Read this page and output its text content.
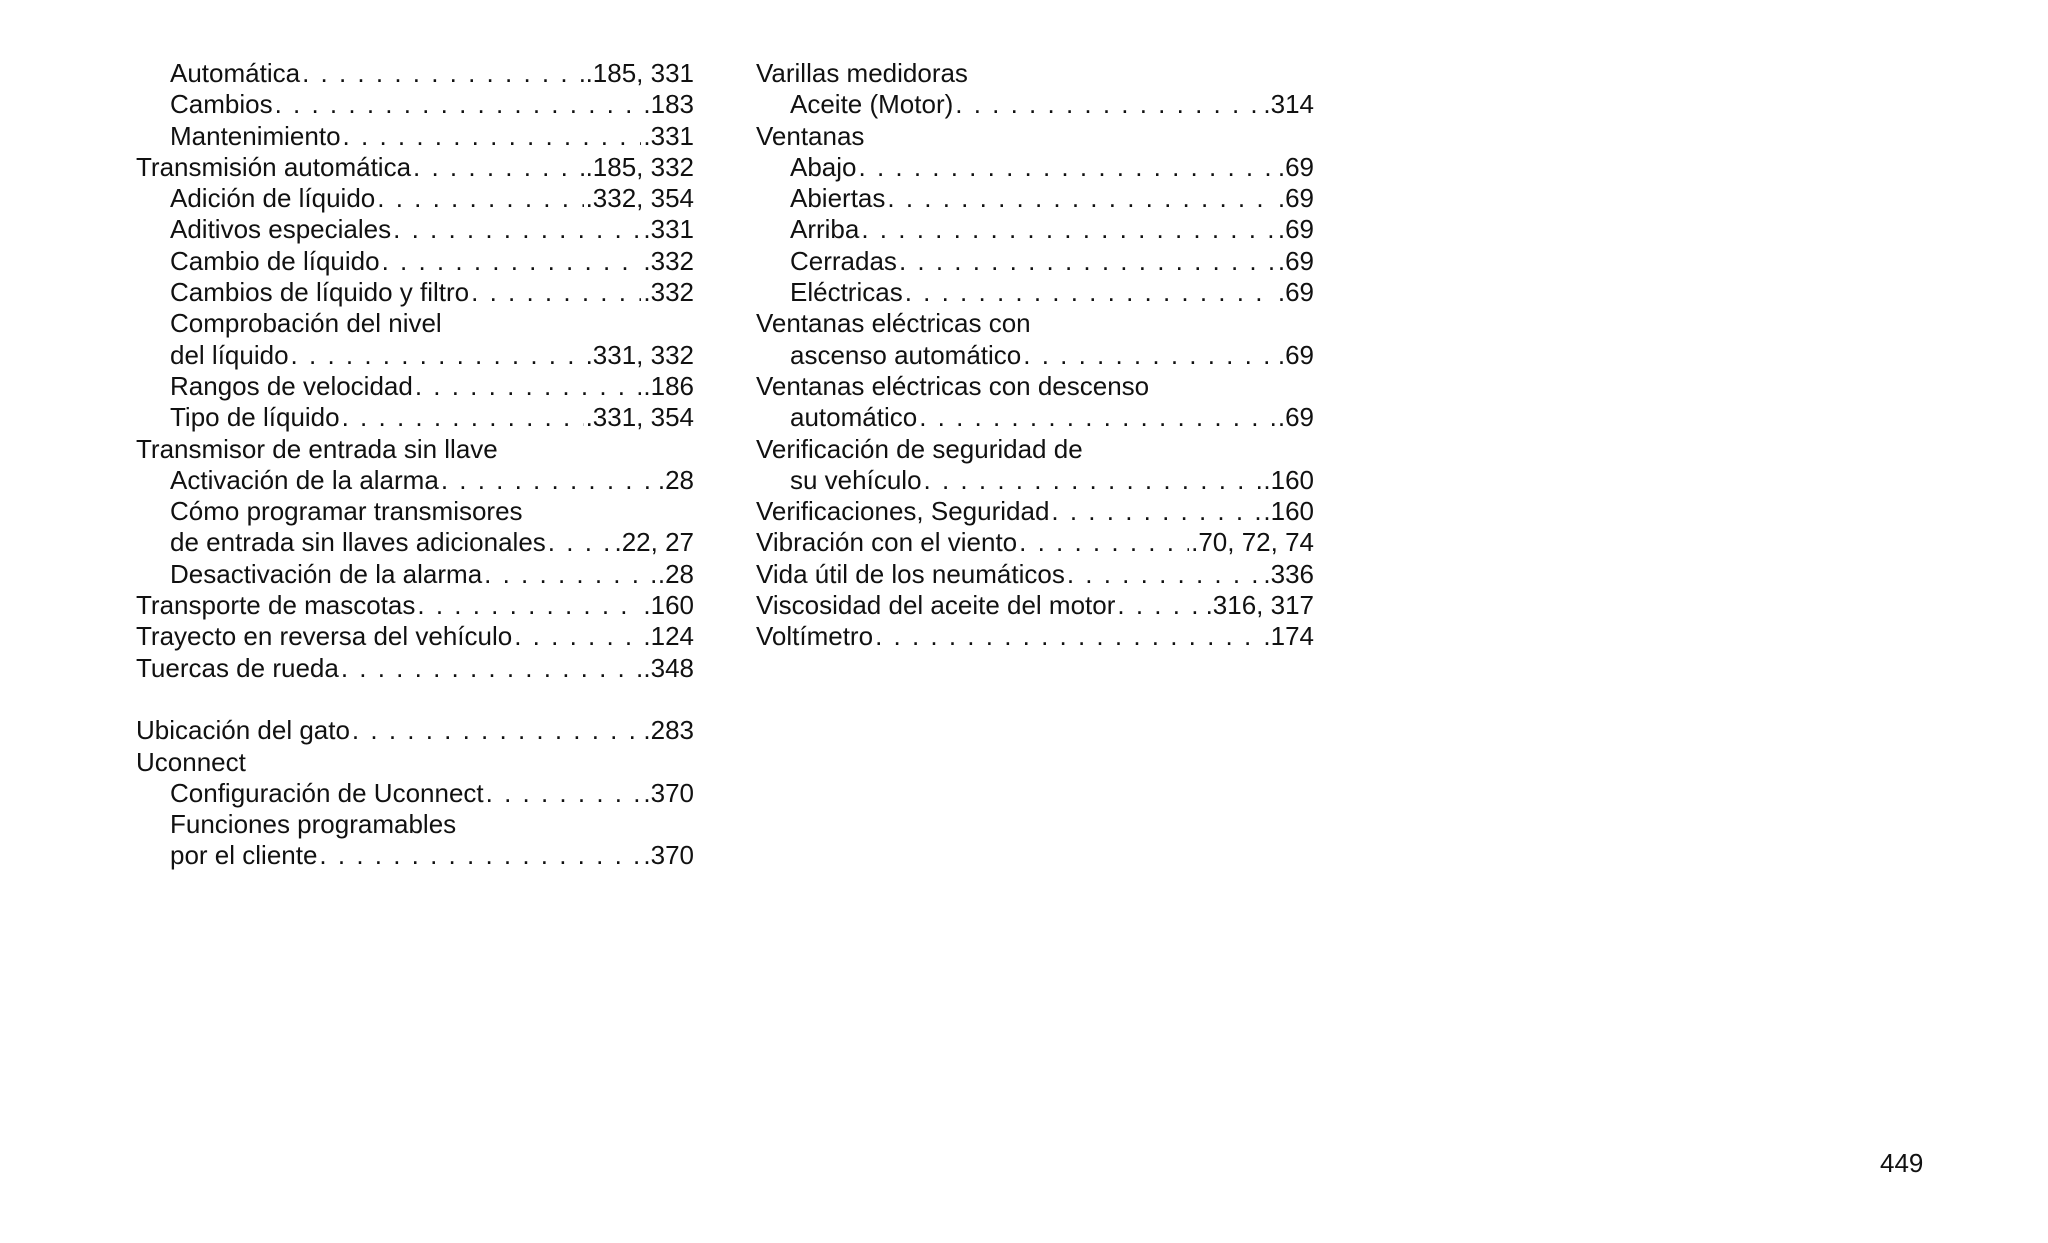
Automática . . .	.185, 331
Cambios . . .	.183
Mantenimiento . . .	.331
Transmisión automática . . .	.185, 332
Adición de líquido . . .	.332, 354
Aditivos especiales . . .	.331
Cambio de líquido . . .	.332
Cambios de líquido y filtro . . .	.332
Comprobación del nivel
del líquido . . .	.331, 332
Rangos de velocidad . . .	.186
Tipo de líquido . . .	.331, 354
Transmisor de entrada sin llave
Activación de la alarma . . .	.28
Cómo programar transmisores
de entrada sin llaves adicionales . . .	.22, 27
Desactivación de la alarma . . .	.28
Transporte de mascotas . . .	.160
Trayecto en reversa del vehículo . . .	.124
Tuercas de rueda . . .	.348
Ubicación del gato . . .	.283
Uconnect
Configuración de Uconnect . . .	.370
Funciones programables
por el cliente . . .	.370
Varillas medidoras
Aceite (Motor) . . .	.314
Ventanas
Abajo . . .	.69
Abiertas . . .	.69
Arriba . . .	.69
Cerradas . . .	.69
Eléctricas . . .	.69
Ventanas eléctricas con
ascenso automático . . .	.69
Ventanas eléctricas con descenso
automático . . .	.69
Verificación de seguridad de
su vehículo . . .	.160
Verificaciones, Seguridad . . .	.160
Vibración con el viento . . .	.70, 72, 74
Vida útil de los neumáticos . . .	.336
Viscosidad del aceite del motor . . .	.316, 317
Voltímetro . . .	.174
449
